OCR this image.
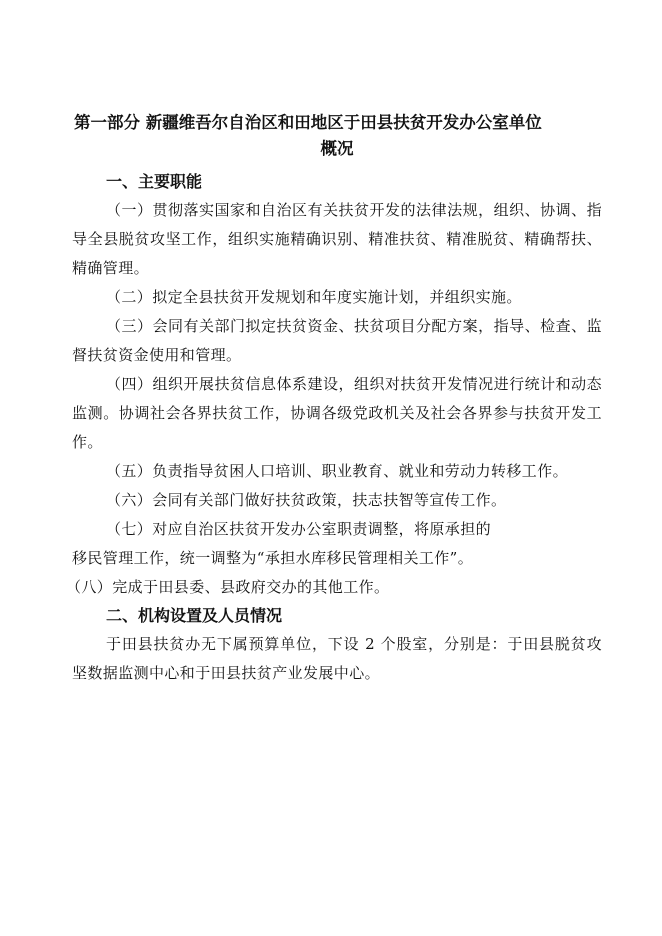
第一部分 新疆维吾尔自治区和田地区于田县扶贫开发办公室单位
概况
一、主要职能

（一）贯彻落实国家和自治区有关扶贫开发的法律法规，组织、协调、指导全县脱贫攻坚工作，组织实施精确识别、精准扶贫、精准脱贫、精确帮扶、精确管理。

（二）拟定全县扶贫开发规划和年度实施计划，并组织实施。

（三）会同有关部门拟定扶贫资金、扶贫项目分配方案，指导、检查、监督扶贫资金使用和管理。

（四）组织开展扶贫信息体系建设，组织对扶贫开发情况进行统计和动态监测。协调社会各界扶贫工作，协调各级党政机关及社会各界参与扶贫开发工作。

（五）负责指导贫困人口培训、职业教育、就业和劳动力转移工作。

（六）会同有关部门做好扶贫政策，扶志扶智等宣传工作。

（七）对应自治区扶贫开发办公室职责调整，将原承担的

移民管理工作，统一调整为“承担水库移民管理相关工作”。

（八）完成于田县委、县政府交办的其他工作。

二、机构设置及人员情况

于田县扶贫办无下属预算单位，下设 2 个股室，分别是：于田县脱贫攻坚数据监测中心和于田县扶贫产业发展中心。
